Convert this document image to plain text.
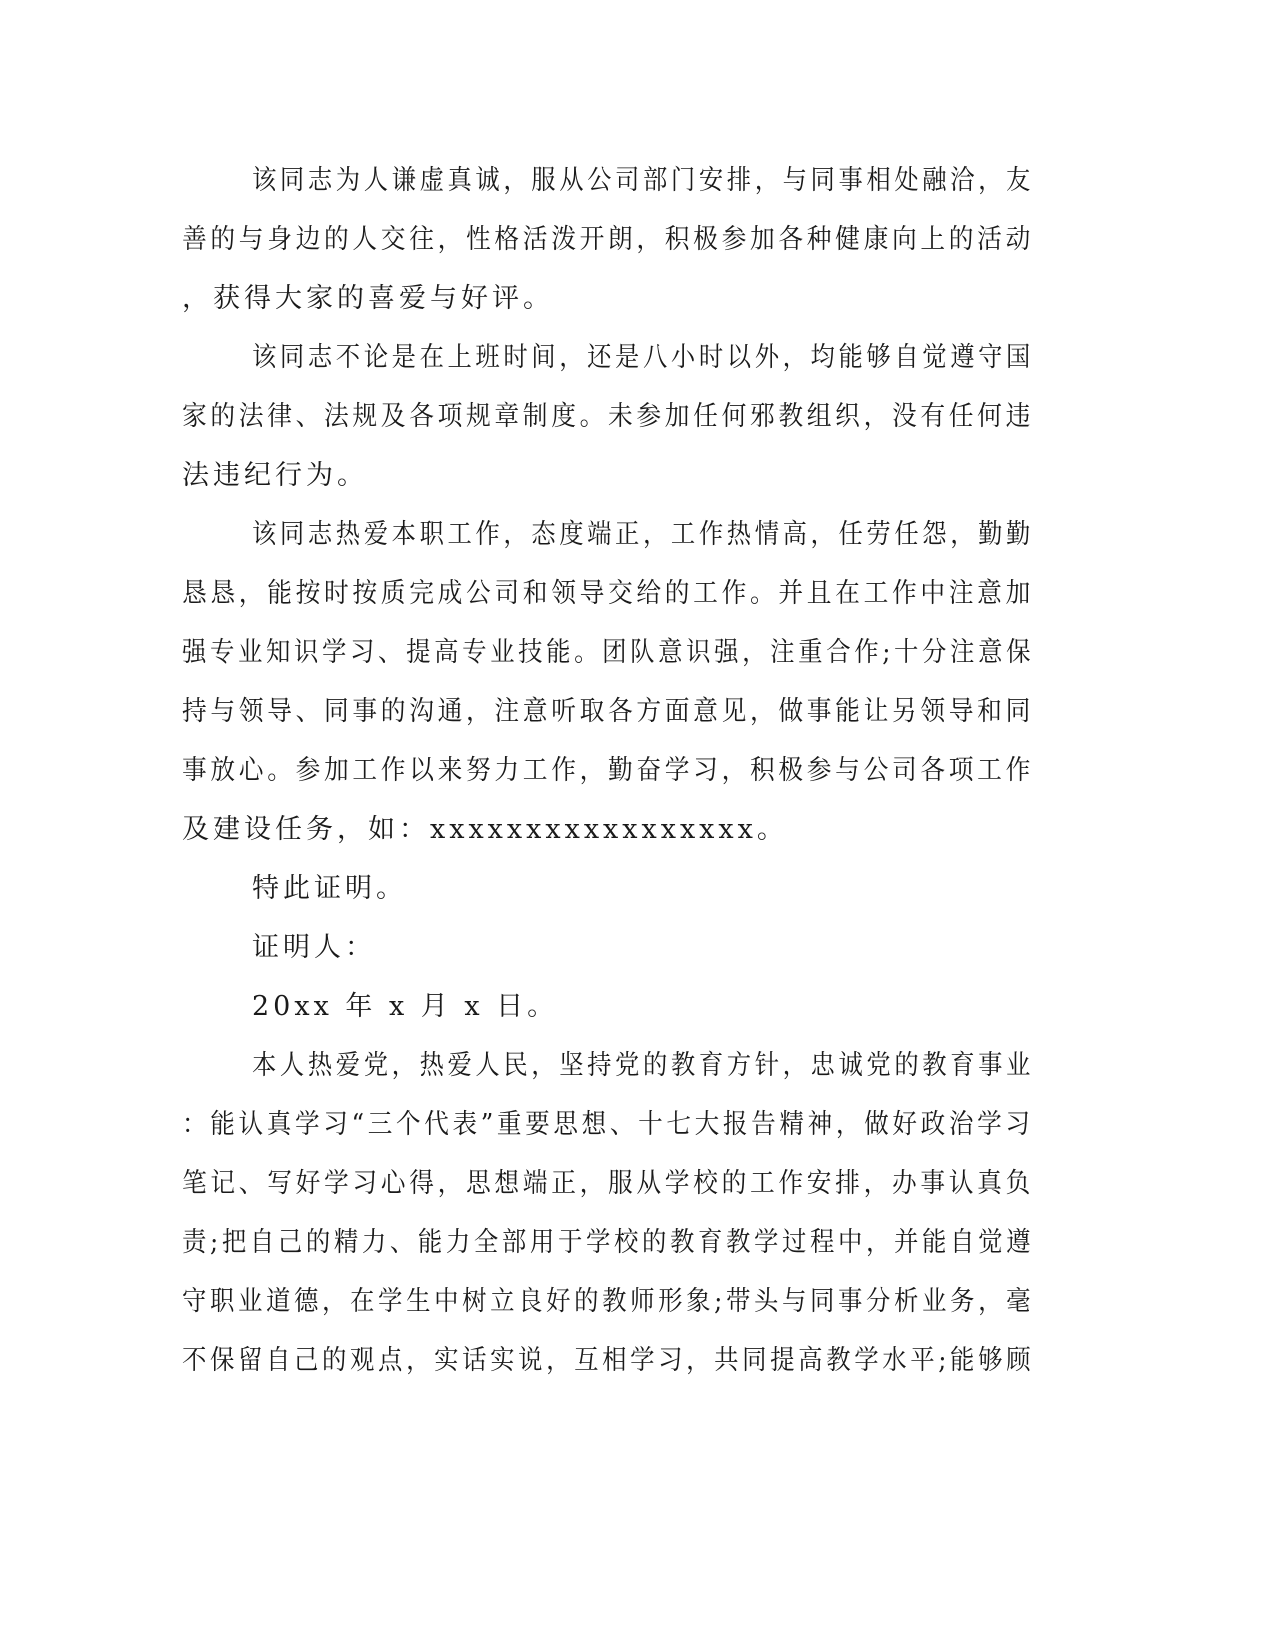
该同志为人谦虚真诚，服从公司部门安排，与同事相处融洽，友
善的与身边的人交往，性格活泼开朗，积极参加各种健康向上的活动
，获得大家的喜爱与好评。
该同志不论是在上班时间，还是八小时以外，均能够自觉遵守国
家的法律、法规及各项规章制度。未参加任何邪教组织，没有任何违
法违纪行为。
该同志热爱本职工作，态度端正，工作热情高，任劳任怨，勤勤
恳恳，能按时按质完成公司和领导交给的工作。并且在工作中注意加
强专业知识学习、提高专业技能。团队意识强，注重合作;十分注意保
持与领导、同事的沟通，注意听取各方面意见，做事能让另领导和同
事放心。参加工作以来努力工作，勤奋学习，积极参与公司各项工作
及建设任务，如：xxxxxxxxxxxxxxxxx。
特此证明。
证明人：
20xx 年 x 月 x 日。
本人热爱党，热爱人民，坚持党的教育方针，忠诚党的教育事业
：能认真学习“三个代表”重要思想、十七大报告精神，做好政治学习
笔记、写好学习心得，思想端正，服从学校的工作安排，办事认真负
责;把自己的精力、能力全部用于学校的教育教学过程中，并能自觉遵
守职业道德，在学生中树立良好的教师形象;带头与同事分析业务，毫
不保留自己的观点，实话实说，互相学习，共同提高教学水平;能够顾
